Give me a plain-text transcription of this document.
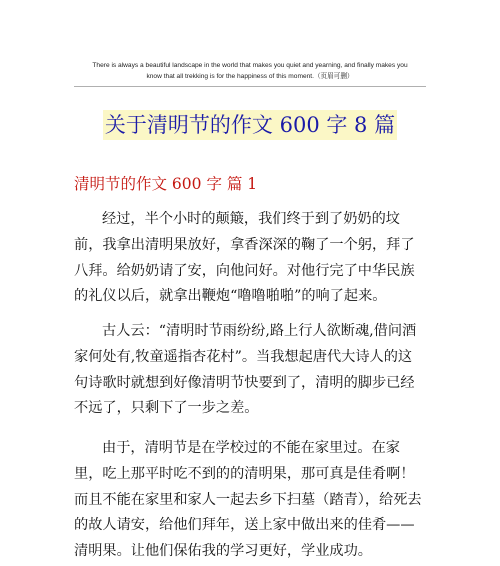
There is always a beautiful landscape in the world that makes you quiet and yearning, and finally makes you
know that all trekking is for the happiness of this moment.（页眉可删）
关于清明节的作文 600 字 8 篇
清明节的作文 600 字 篇 1

经过，半个小时的颠簸，我们终于到了奶奶的坟前，我拿出清明果放好，拿香深深的鞠了一个躬，拜了八拜。给奶奶请了安，向他问好。对他行完了中华民族的礼仪以后，就拿出鞭炮“噜噜啪啪”的响了起来。

古人云：“清明时节雨纷纷,路上行人欲断魂,借问酒家何处有,牧童遥指杏花村”。当我想起唐代大诗人的这句诗歌时就想到好像清明节快要到了，清明的脚步已经不远了，只剩下了一步之差。

由于，清明节是在学校过的不能在家里过。在家里，吃上那平时吃不到的的清明果，那可真是佳肴啊！而且不能在家里和家人一起去乡下扫墓（踏青），给死去的故人请安，给他们拜年，送上家中做出来的佳肴——清明果。让他们保佑我的学习更好，学业成功。
